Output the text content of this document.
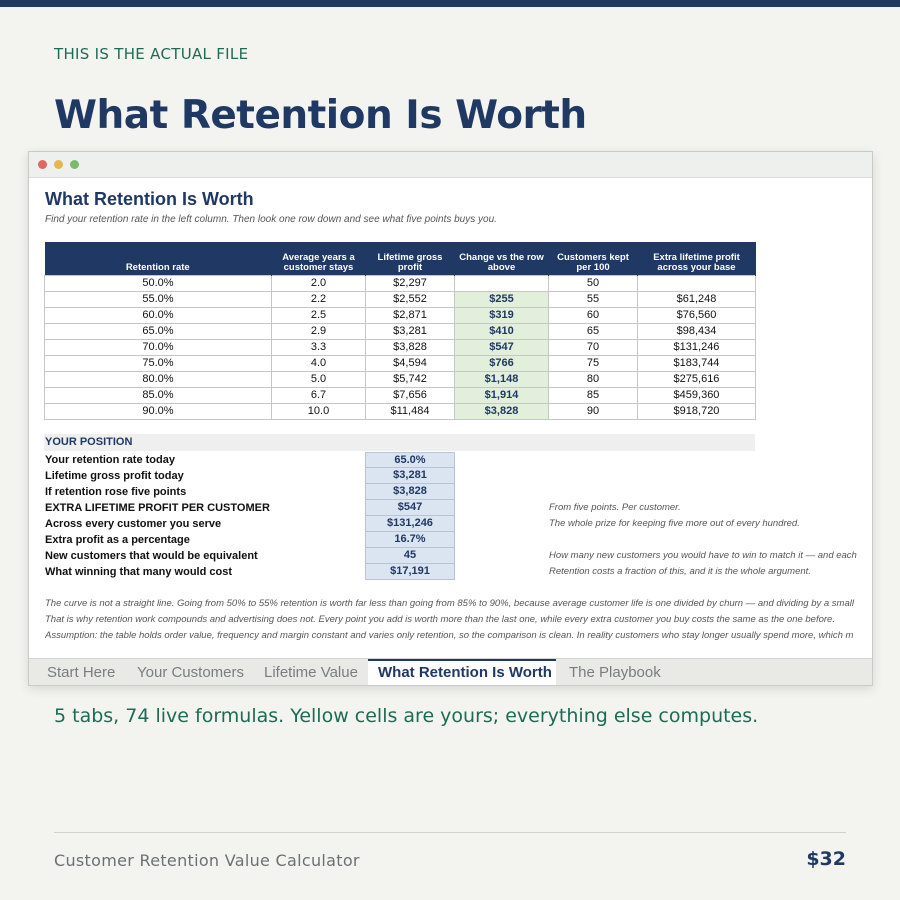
THIS IS THE ACTUAL FILE
What Retention Is Worth
What Retention Is Worth
Find your retention rate in the left column. Then look one row down and see what five points buys you.
Retention rate	Average years a customer stays	Lifetime gross profit	Change vs the row above	Customers kept per 100	Extra lifetime profit across your base
50.0%	2.0	$2,297		50	
55.0%	2.2	$2,552	$255	55	$61,248
60.0%	2.5	$2,871	$319	60	$76,560
65.0%	2.9	$3,281	$410	65	$98,434
70.0%	3.3	$3,828	$547	70	$131,246
75.0%	4.0	$4,594	$766	75	$183,744
80.0%	5.0	$5,742	$1,148	80	$275,616
85.0%	6.7	$7,656	$1,914	85	$459,360
90.0%	10.0	$11,484	$3,828	90	$918,720
YOUR POSITION
Your retention rate today	65.0%
Lifetime gross profit today	$3,281
If retention rose five points	$3,828
EXTRA LIFETIME PROFIT PER CUSTOMER	$547	From five points. Per customer.
Across every customer you serve	$131,246	The whole prize for keeping five more out of every hundred.
Extra profit as a percentage	16.7%
New customers that would be equivalent	45	How many new customers you would have to win to match it — and each
What winning that many would cost	$17,191	Retention costs a fraction of this, and it is the whole argument.
The curve is not a straight line. Going from 50% to 55% retention is worth far less than going from 85% to 90%, because average customer life is one divided by churn — and dividing by a small
That is why retention work compounds and advertising does not. Every point you add is worth more than the last one, while every extra customer you buy costs the same as the one before.
Assumption: the table holds order value, frequency and margin constant and varies only retention, so the comparison is clean. In reality customers who stay longer usually spend more, which m
Start Here	Your Customers	Lifetime Value	What Retention Is Worth	The Playbook
5 tabs, 74 live formulas. Yellow cells are yours; everything else computes.
Customer Retention Value Calculator	$32
